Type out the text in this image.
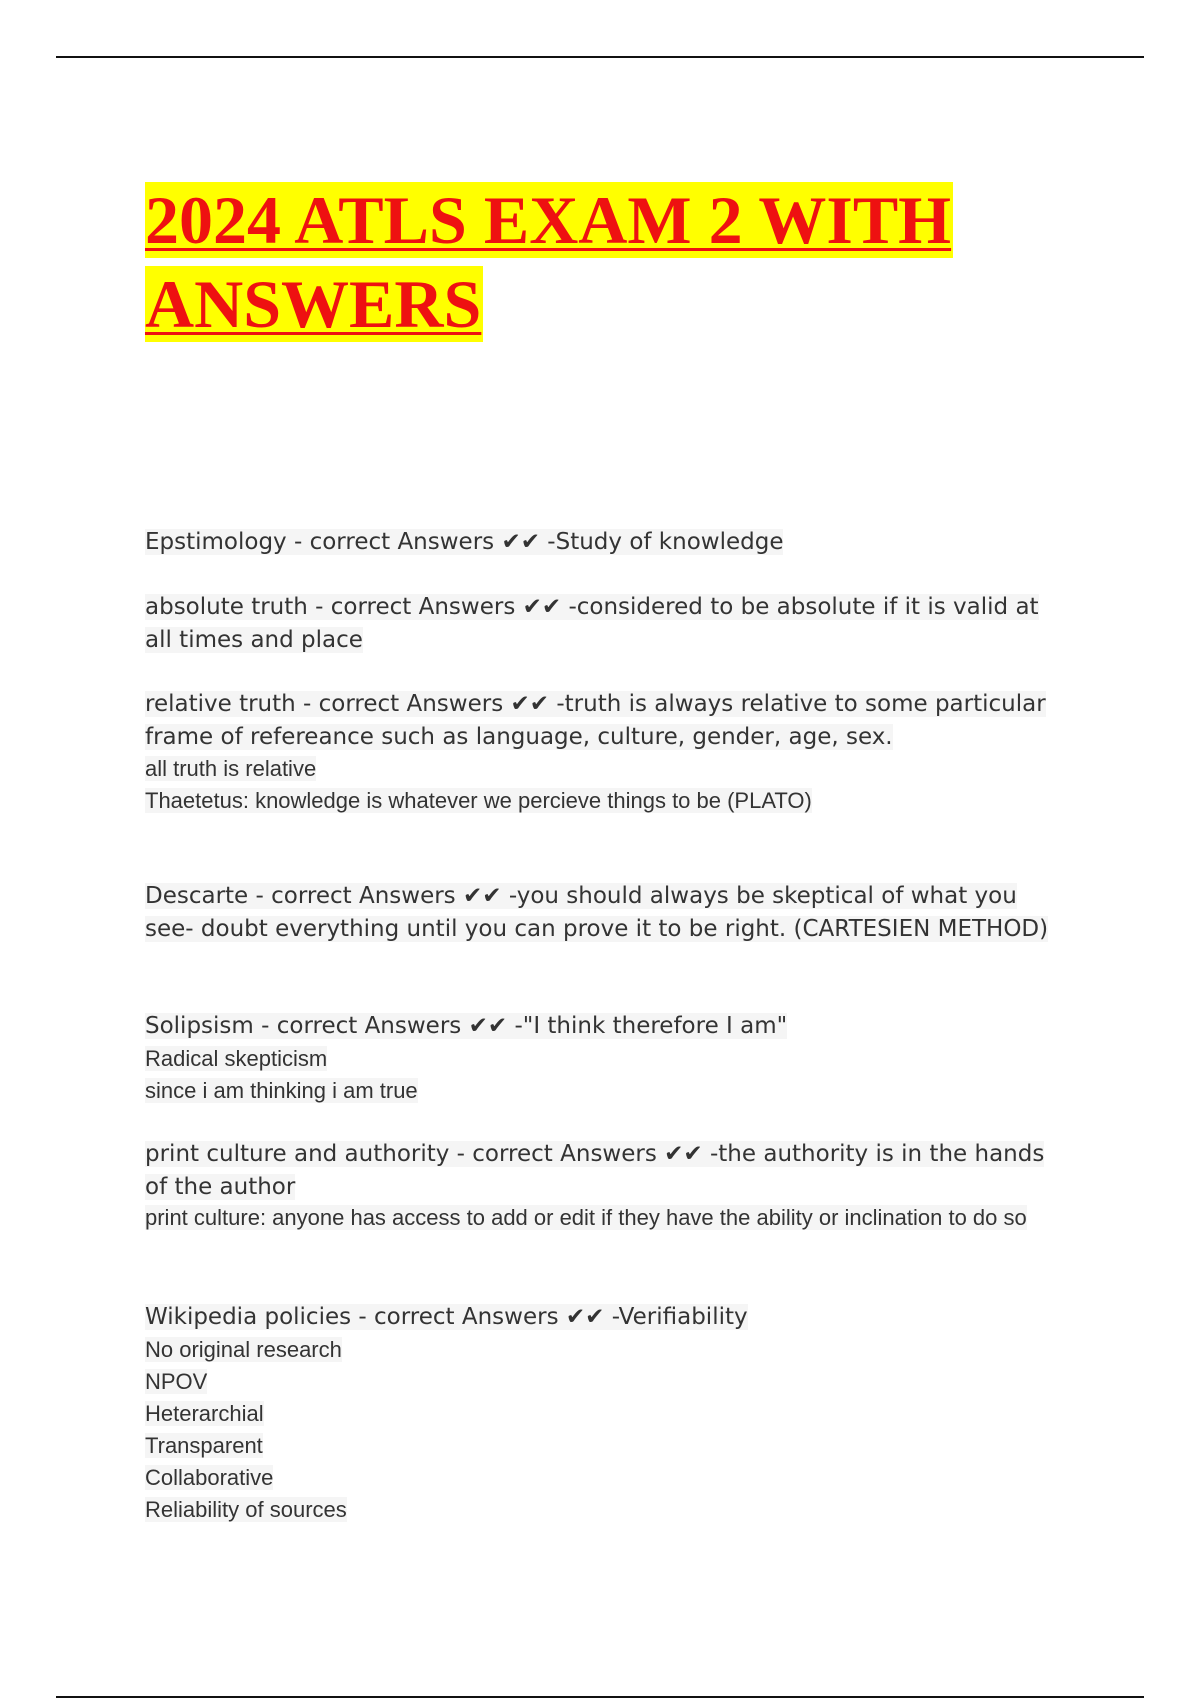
2024 ATLS EXAM 2 WITH
ANSWERS

Epstimology - correct Answers ✔✔ -Study of knowledge

absolute truth - correct Answers ✔✔ -considered to be absolute if it is valid at all times and place

relative truth - correct Answers ✔✔ -truth is always relative to some particular frame of refereance such as language, culture, gender, age, sex.

all truth is relative

Thaetetus: knowledge is whatever we percieve things to be (PLATO)

Descarte - correct Answers ✔✔ -you should always be skeptical of what you see- doubt everything until you can prove it to be right. (CARTESIEN METHOD)

Solipsism - correct Answers ✔✔ -"I think therefore I am"

Radical skepticism

since i am thinking i am true

print culture and authority - correct Answers ✔✔ -the authority is in the hands of the author

print culture: anyone has access to add or edit if they have the ability or inclination to do so

Wikipedia policies - correct Answers ✔✔ -Verifiability

No original research

NPOV

Heterarchial

Transparent

Collaborative

Reliability of sources
